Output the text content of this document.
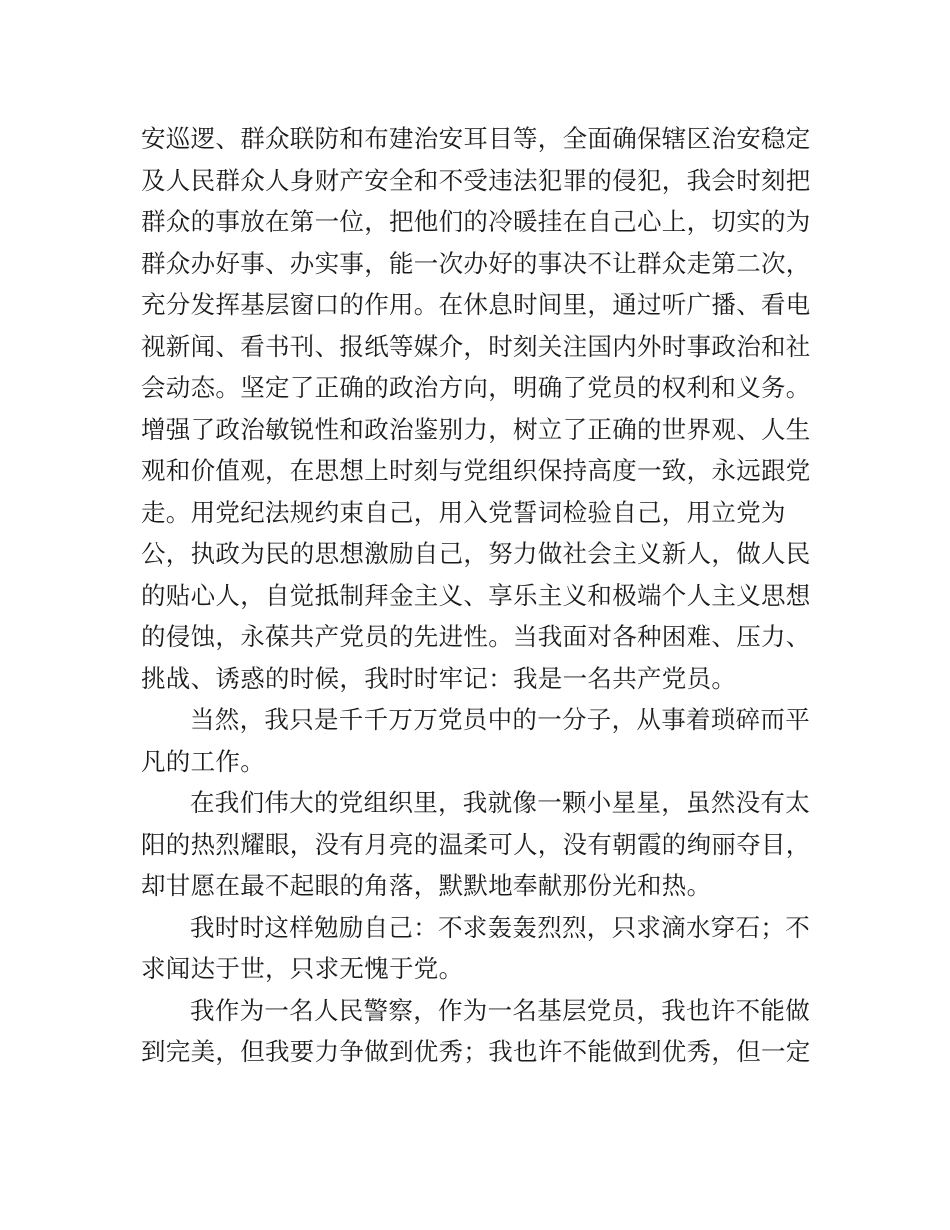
安巡逻、群众联防和布建治安耳目等，全面确保辖区治安稳定
及人民群众人身财产安全和不受违法犯罪的侵犯，我会时刻把
群众的事放在第一位，把他们的冷暖挂在自己心上，切实的为
群众办好事、办实事，能一次办好的事决不让群众走第二次，
充分发挥基层窗口的作用。在休息时间里，通过听广播、看电
视新闻、看书刊、报纸等媒介，时刻关注国内外时事政治和社
会动态。坚定了正确的政治方向，明确了党员的权利和义务。
增强了政治敏锐性和政治鉴别力，树立了正确的世界观、人生
观和价值观，在思想上时刻与党组织保持高度一致，永远跟党
走。用党纪法规约束自己，用入党誓词检验自己，用立党为
公，执政为民的思想激励自己，努力做社会主义新人，做人民
的贴心人，自觉抵制拜金主义、享乐主义和极端个人主义思想
的侵蚀，永葆共产党员的先进性。当我面对各种困难、压力、
挑战、诱惑的时候，我时时牢记：我是一名共产党员。
当然，我只是千千万万党员中的一分子，从事着琐碎而平
凡的工作。
在我们伟大的党组织里，我就像一颗小星星，虽然没有太
阳的热烈耀眼，没有月亮的温柔可人，没有朝霞的绚丽夺目，
却甘愿在最不起眼的角落，默默地奉献那份光和热。
我时时这样勉励自己：不求轰轰烈烈，只求滴水穿石；不
求闻达于世，只求无愧于党。
我作为一名人民警察，作为一名基层党员，我也许不能做
到完美，但我要力争做到优秀；我也许不能做到优秀，但一定
